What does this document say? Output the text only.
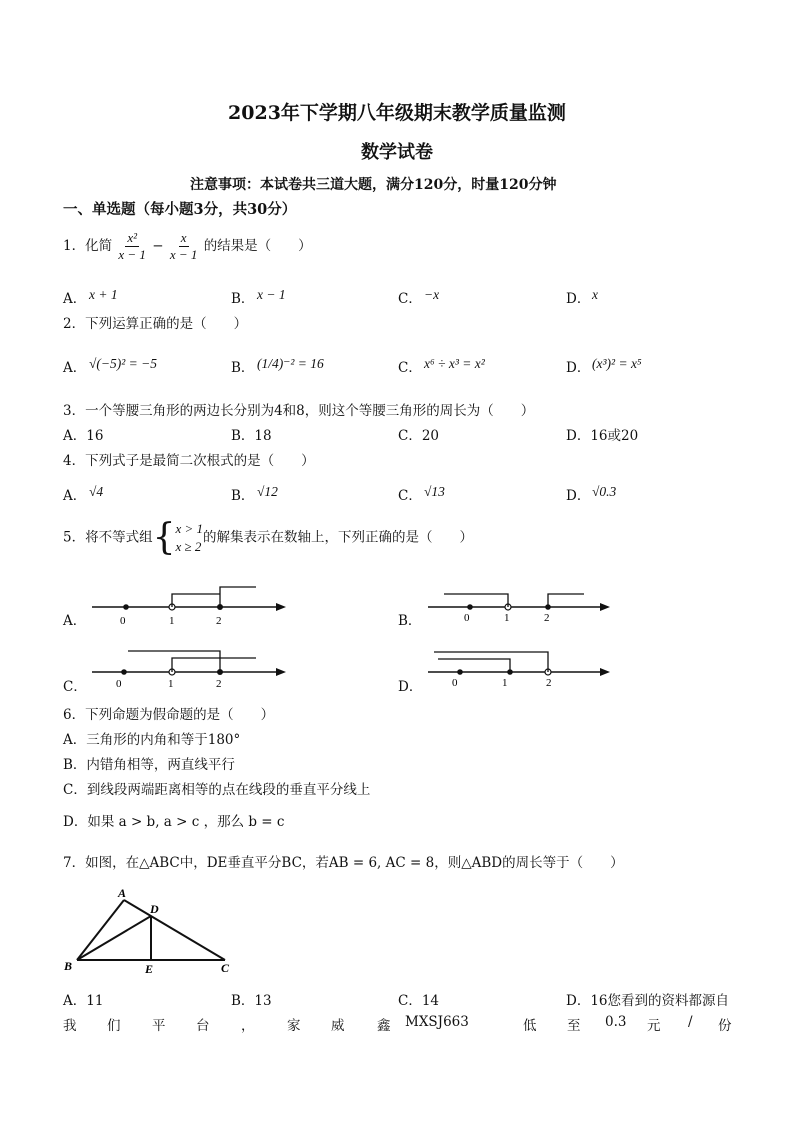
2023年下学期八年级期末教学质量监测
数学试卷
注意事项：本试卷共三道大题，满分120分，时量120分钟
一、单选题（每小题3分，共30分）
1．化简 $\frac{\text{x²}}{x - 1} - \frac{x}{x - 1}$ 的结果是（　　）
A． x + 1	B． x − 1	C． −x	D． x
2．下列运算正确的是（　　）
A． √(−5)² = −5	B． (1/4)⁻² = 16	C． x⁶ ÷ x³ = x²	D． (x³)² = x⁵
3．一个等腰三角形的两边长分别为4和8，则这个等腰三角形的周长为（　　）
A．16	B．18	C．20	D．16或20
4．下列式子是最简二次根式的是（　　）
A． √4	B． √12	C． √13	D． √0.3
5．将不等式组{ x > 1
x ≥ 2
的解集表示在数轴上，下列正确的是（　　）
A．	B．
C．	D．
0	1	2	0	1	2
0	1	2	0	1	2
6．下列命题为假命题的是（　　）
A．三角形的内角和等于180°
B．内错角相等，两直线平行
C．到线段两端距离相等的点在线段的垂直平分线上
D．如果 a > b, a > c ，那么 b = c
7．如图，在△ABC中，DE垂直平分BC，若AB = 6, AC = 8，则△ABD的周长等于（　　）
A
D
B	E	C
A．11	B．13	C．14	D．16您看到的资料都源自
我 们 平 台 ， 家 威 鑫 MXSJ663	低 至 0.3 元 / 份
